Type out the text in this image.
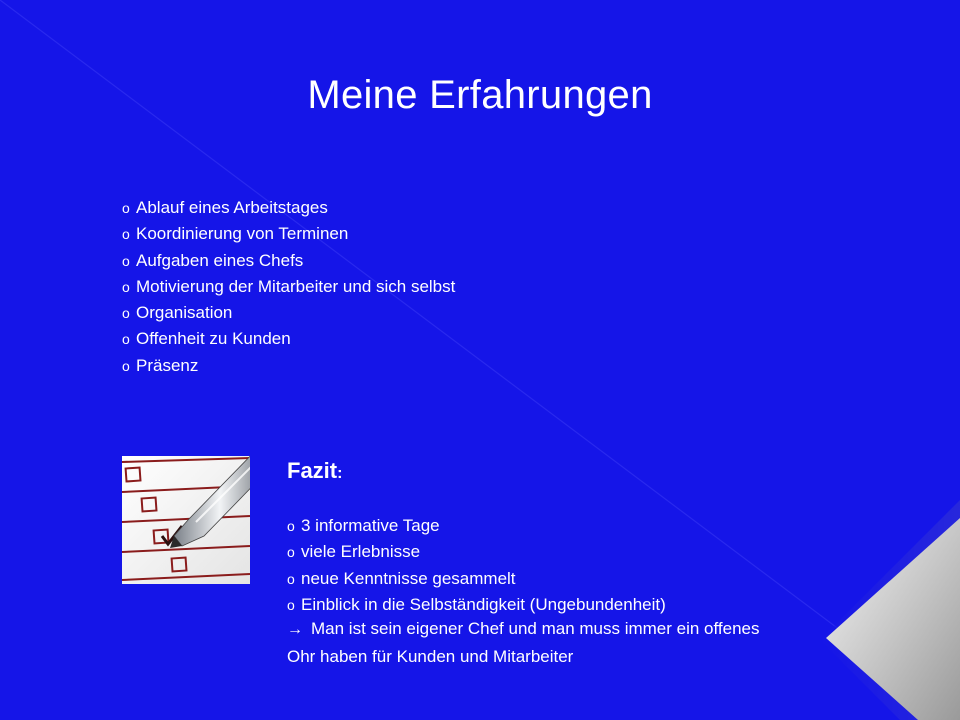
Meine Erfahrungen
o Ablauf eines Arbeitstages
o Koordinierung von Terminen
o Aufgaben eines Chefs
o Motivierung der Mitarbeiter und sich selbst
o Organisation
o Offenheit zu Kunden
o Präsenz
Fazit:
o 3 informative Tage
o viele Erlebnisse
o neue Kenntnisse gesammelt
o Einblick in die Selbständigkeit (Ungebundenheit)

→ Man ist sein eigener Chef und man muss immer ein offenes
Ohr haben für Kunden und Mitarbeiter
